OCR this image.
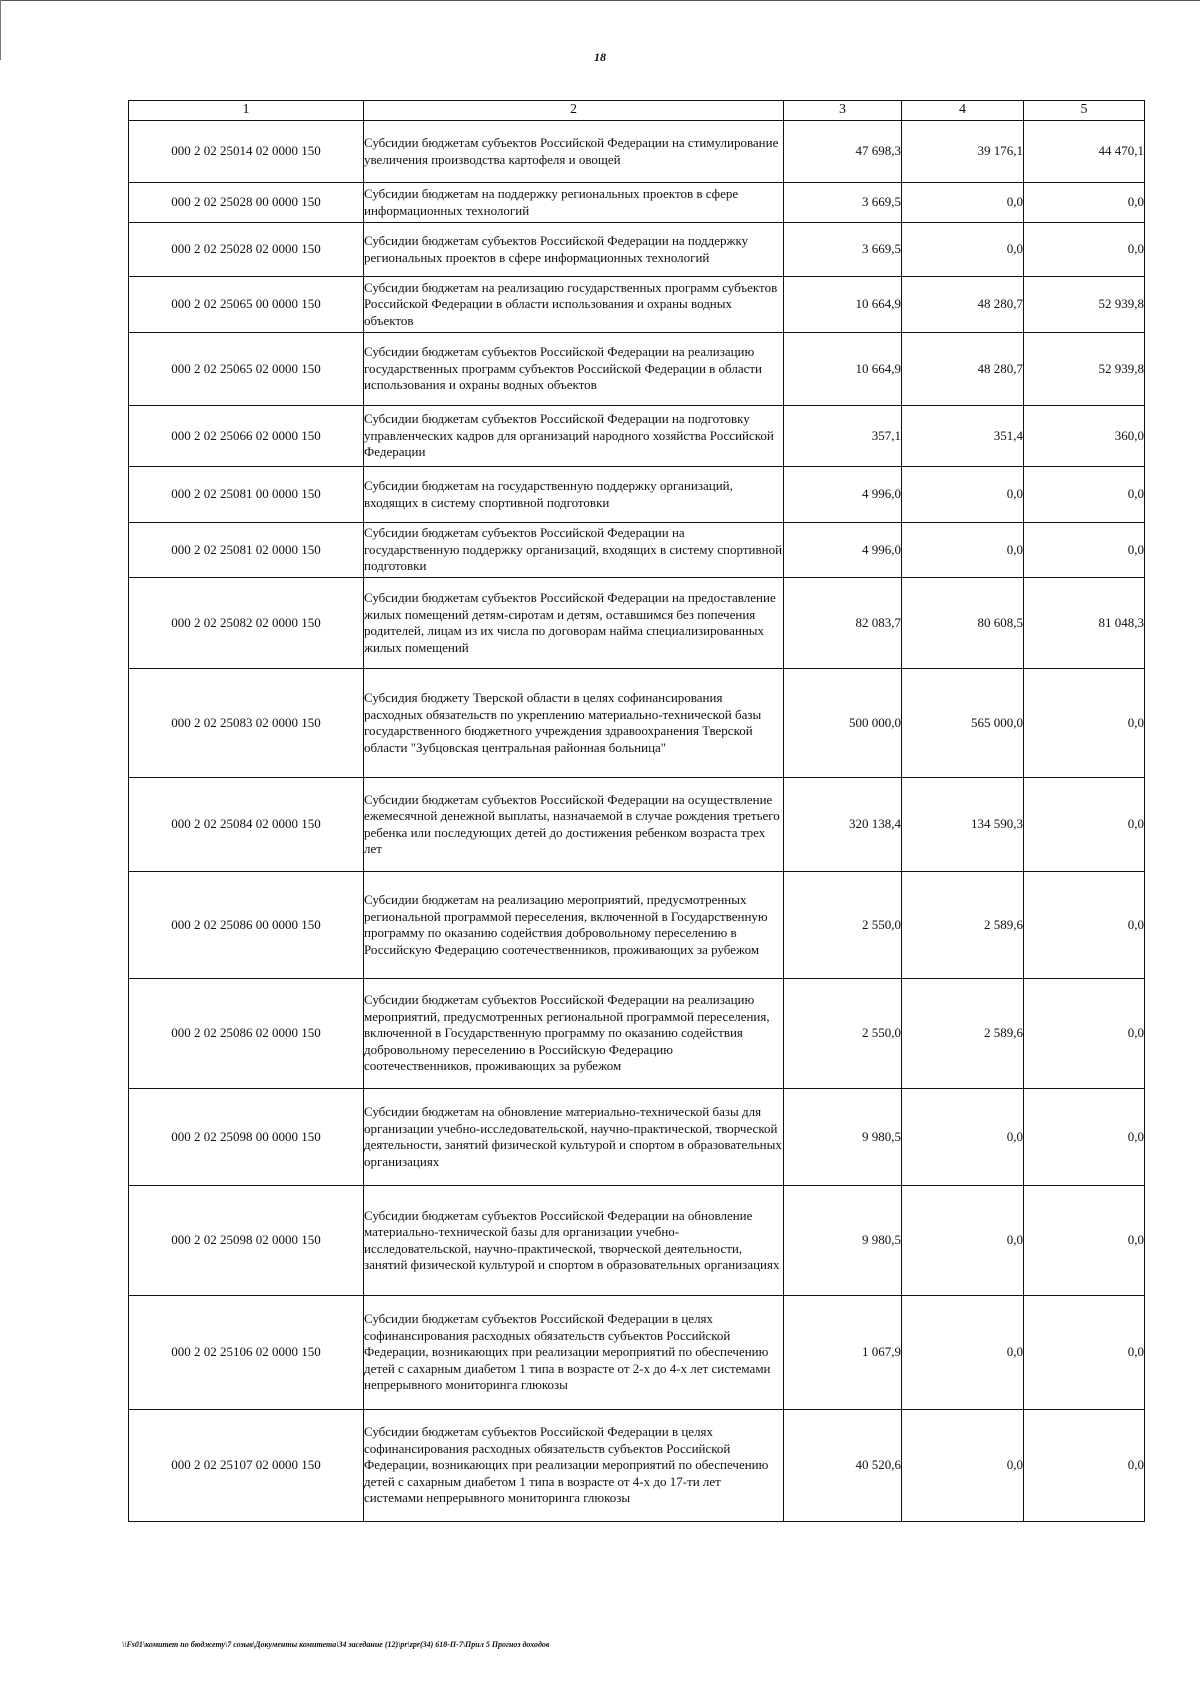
18
1	2	3	4	5
000 2 02 25014 02 0000 150	Субсидии бюджетам субъектов Российской Федерации на стимулирование увеличения производства картофеля и овощей	47 698,3	39 176,1	44 470,1
000 2 02 25028 00 0000 150	Субсидии бюджетам на поддержку региональных проектов в сфере информационных технологий	3 669,5	0,0	0,0
000 2 02 25028 02 0000 150	Субсидии бюджетам субъектов Российской Федерации на поддержку региональных проектов в сфере информационных технологий	3 669,5	0,0	0,0
000 2 02 25065 00 0000 150	Субсидии бюджетам на реализацию государственных программ субъектов Российской Федерации в области использования и охраны водных объектов	10 664,9	48 280,7	52 939,8
000 2 02 25065 02 0000 150	Субсидии бюджетам субъектов Российской Федерации на реализацию государственных программ субъектов Российской Федерации в области использования и охраны водных объектов	10 664,9	48 280,7	52 939,8
000 2 02 25066 02 0000 150	Субсидии бюджетам субъектов Российской Федерации на подготовку управленческих кадров для организаций народного хозяйства Российской Федерации	357,1	351,4	360,0
000 2 02 25081 00 0000 150	Субсидии бюджетам на государственную поддержку организаций, входящих в систему спортивной подготовки	4 996,0	0,0	0,0
000 2 02 25081 02 0000 150	Субсидии бюджетам субъектов Российской Федерации на государственную поддержку организаций, входящих в систему спортивной подготовки	4 996,0	0,0	0,0
000 2 02 25082 02 0000 150	Субсидии бюджетам субъектов Российской Федерации на предоставление жилых помещений детям-сиротам и детям, оставшимся без попечения родителей, лицам из их числа по договорам найма специализированных жилых помещений	82 083,7	80 608,5	81 048,3
000 2 02 25083 02 0000 150	Субсидия бюджету Тверской области в целях софинансирования расходных обязательств по укреплению материально-технической базы государственного бюджетного учреждения здравоохранения Тверской области "Зубцовская центральная районная больница"	500 000,0	565 000,0	0,0
000 2 02 25084 02 0000 150	Субсидии бюджетам субъектов Российской Федерации на осуществление ежемесячной денежной выплаты, назначаемой в случае рождения третьего ребенка или последующих детей до достижения ребенком возраста трех лет	320 138,4	134 590,3	0,0
000 2 02 25086 00 0000 150	Субсидии бюджетам на реализацию мероприятий, предусмотренных региональной программой переселения, включенной в Государственную программу по оказанию содействия добровольному переселению в Российскую Федерацию соотечественников, проживающих за рубежом	2 550,0	2 589,6	0,0
000 2 02 25086 02 0000 150	Субсидии бюджетам субъектов Российской Федерации на реализацию мероприятий, предусмотренных региональной программой переселения, включенной в Государственную программу по оказанию содействия добровольному переселению в Российскую Федерацию соотечественников, проживающих за рубежом	2 550,0	2 589,6	0,0
000 2 02 25098 00 0000 150	Субсидии бюджетам на обновление материально-технической базы для организации учебно-исследовательской, научно-практической, творческой деятельности, занятий физической культурой и спортом в образовательных организациях	9 980,5	0,0	0,0
000 2 02 25098 02 0000 150	Субсидии бюджетам субъектов Российской Федерации на обновление материально-технической базы для организации учебно-исследовательской, научно-практической, творческой деятельности, занятий физической культурой и спортом в образовательных организациях	9 980,5	0,0	0,0
000 2 02 25106 02 0000 150	Субсидии бюджетам субъектов Российской Федерации в целях софинансирования расходных обязательств субъектов Российской Федерации, возникающих при реализации мероприятий по обеспечению детей с сахарным диабетом 1 типа в возрасте от 2-х до 4-х лет системами непрерывного мониторинга глюкозы	1 067,9	0,0	0,0
000 2 02 25107 02 0000 150	Субсидии бюджетам субъектов Российской Федерации в целях софинансирования расходных обязательств субъектов Российской Федерации, возникающих при реализации мероприятий по обеспечению детей с сахарным диабетом 1 типа в возрасте от 4-х до 17-ти лет системами непрерывного мониторинга глюкозы	40 520,6	0,0	0,0
\\Fs01\комитет по бюджету\7 созыв\Документы комитета\34 заседание (12)\pr\zpr(34) 618-П-7\Прил 5 Прогноз доходов
